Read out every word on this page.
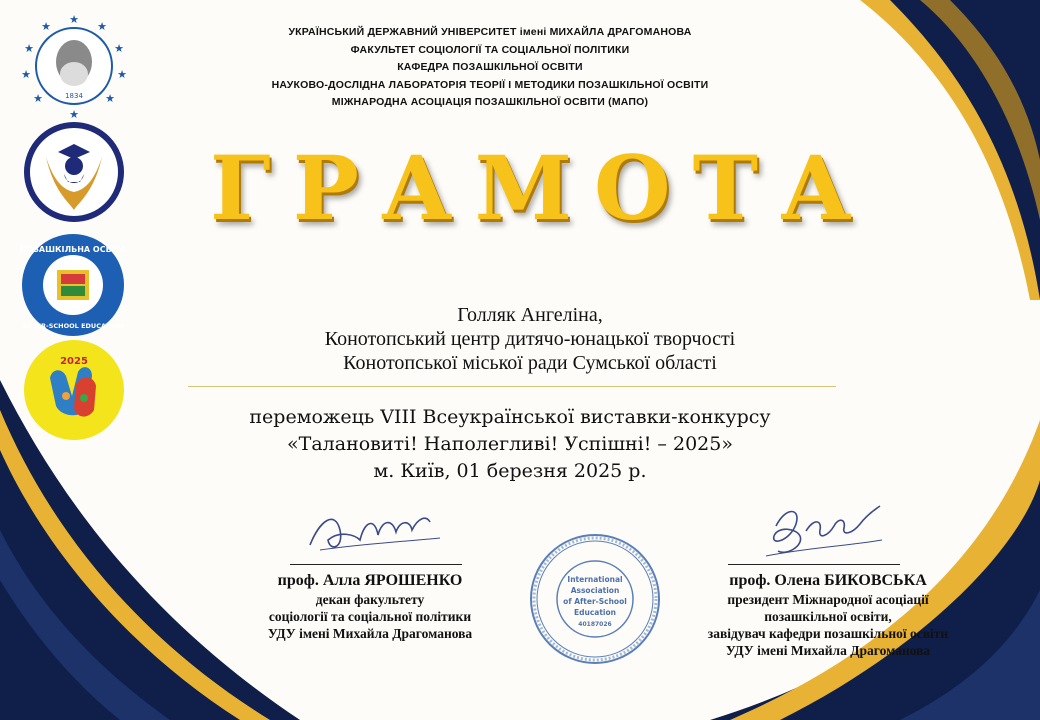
★
★
★
★
★
★
★
★
★
★
1834
ПОЗАШКІЛЬНА ОСВІТА
AFTER-SCHOOL EDUCATION
2025
УКРАЇНСЬКИЙ ДЕРЖАВНИЙ УНІВЕРСИТЕТ імені МИХАЙЛА ДРАГОМАНОВА
ФАКУЛЬТЕТ СОЦІОЛОГІЇ ТА СОЦІАЛЬНОЇ ПОЛІТИКИ
КАФЕДРА ПОЗАШКІЛЬНОЇ ОСВІТИ
НАУКОВО-ДОСЛІДНА ЛАБОРАТОРІЯ ТЕОРІЇ І МЕТОДИКИ ПОЗАШКІЛЬНОЇ ОСВІТИ
МІЖНАРОДНА АСОЦІАЦІЯ ПОЗАШКІЛЬНОЇ ОСВІТИ (МАПО)
ГРАМОТА
Голляк Ангеліна,
Конотопський центр дитячо-юнацької творчості
Конотопської міської ради Сумської області
переможець VIII Всеукраїнської виставки-конкурсу
«Талановиті! Наполегливі! Успішні! – 2025»
м. Київ, 01 березня 2025 р.
проф. Алла ЯРОШЕНКО
декан факультету
соціології та соціальної політики
УДУ імені Михайла Драгоманова
International
Association
of After-School
Education
40187026
проф. Олена БИКОВСЬКА
президент Міжнародної асоціації
позашкільної освіти,
завідувач кафедри позашкільної освіти
УДУ імені Михайла Драгоманова
